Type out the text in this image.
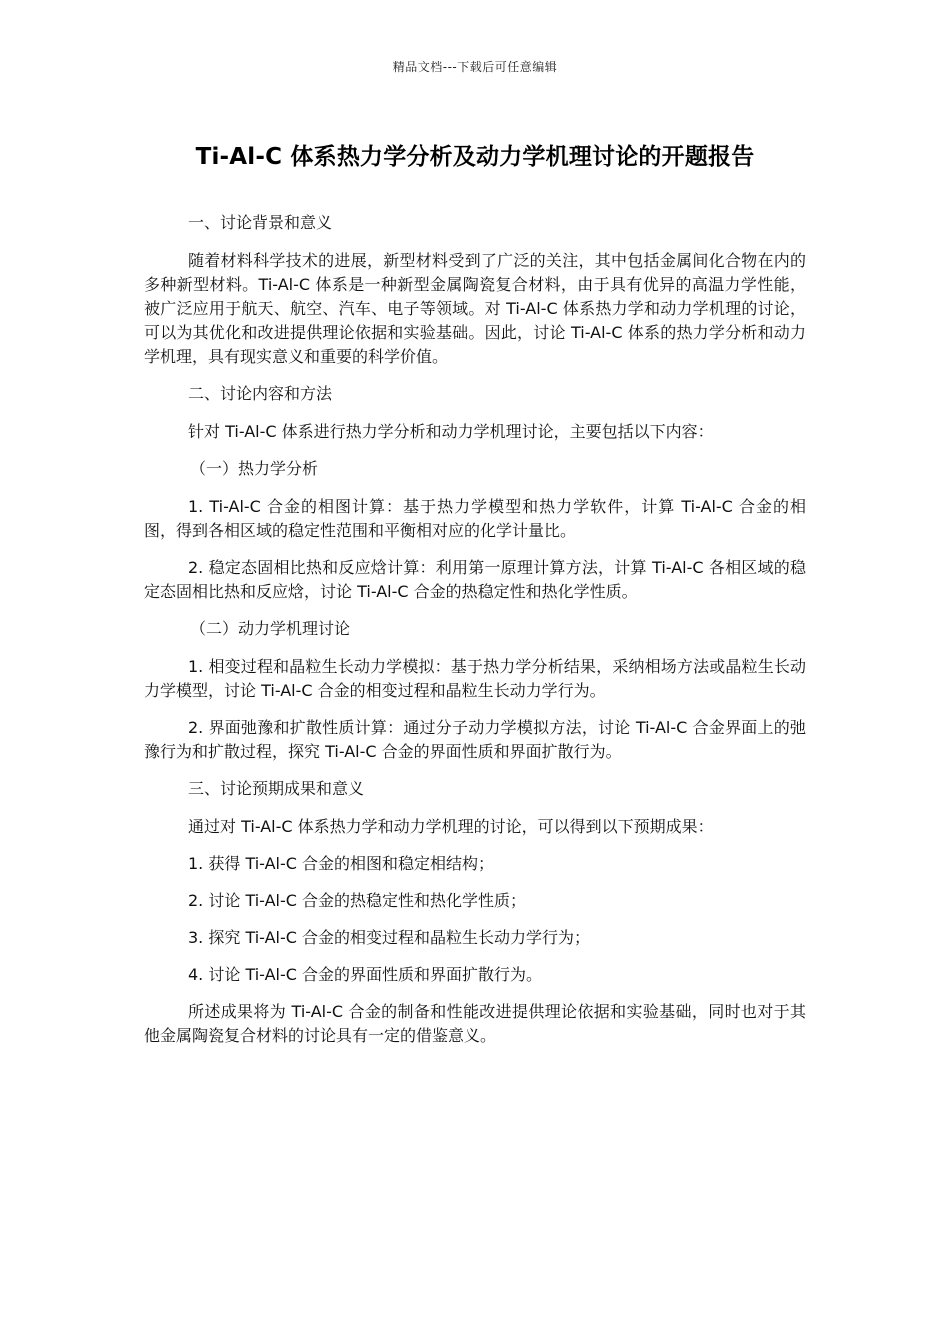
精品文档---下载后可任意编辑
Ti-Al-C 体系热力学分析及动力学机理讨论的开题报告

一、讨论背景和意义

随着材料科学技术的进展，新型材料受到了广泛的关注，其中包括金属间化合物在内的多种新型材料。Ti-Al-C 体系是一种新型金属陶瓷复合材料，由于具有优异的高温力学性能，被广泛应用于航天、航空、汽车、电子等领域。对 Ti-Al-C 体系热力学和动力学机理的讨论，可以为其优化和改进提供理论依据和实验基础。因此，讨论 Ti-Al-C 体系的热力学分析和动力学机理，具有现实意义和重要的科学价值。

二、讨论内容和方法

针对 Ti-Al-C 体系进行热力学分析和动力学机理讨论，主要包括以下内容：

（一）热力学分析

1. Ti-Al-C 合金的相图计算：基于热力学模型和热力学软件，计算 Ti-Al-C 合金的相图，得到各相区域的稳定性范围和平衡相对应的化学计量比。

2. 稳定态固相比热和反应焓计算：利用第一原理计算方法，计算 Ti-Al-C 各相区域的稳定态固相比热和反应焓，讨论 Ti-Al-C 合金的热稳定性和热化学性质。

（二）动力学机理讨论

1. 相变过程和晶粒生长动力学模拟：基于热力学分析结果，采纳相场方法或晶粒生长动力学模型，讨论 Ti-Al-C 合金的相变过程和晶粒生长动力学行为。

2. 界面弛豫和扩散性质计算：通过分子动力学模拟方法，讨论 Ti-Al-C 合金界面上的弛豫行为和扩散过程，探究 Ti-Al-C 合金的界面性质和界面扩散行为。

三、讨论预期成果和意义

通过对 Ti-Al-C 体系热力学和动力学机理的讨论，可以得到以下预期成果：

1. 获得 Ti-Al-C 合金的相图和稳定相结构；

2. 讨论 Ti-Al-C 合金的热稳定性和热化学性质；

3. 探究 Ti-Al-C 合金的相变过程和晶粒生长动力学行为；

4. 讨论 Ti-Al-C 合金的界面性质和界面扩散行为。

所述成果将为 Ti-Al-C 合金的制备和性能改进提供理论依据和实验基础，同时也对于其他金属陶瓷复合材料的讨论具有一定的借鉴意义。
